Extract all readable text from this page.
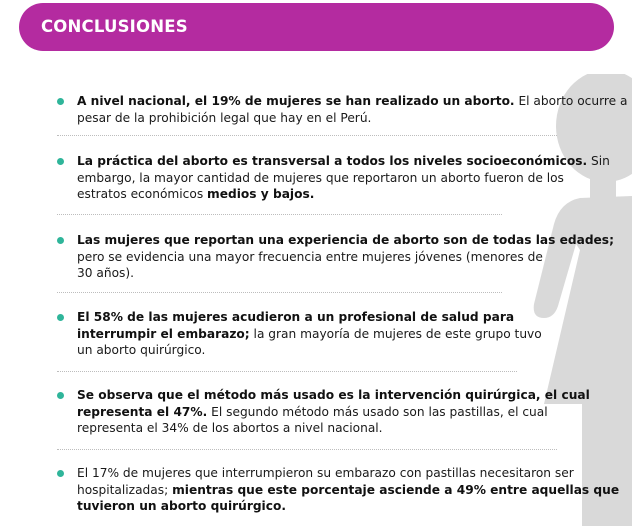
CONCLUSIONES
A nivel nacional, el 19% de mujeres se han realizado un aborto. El aborto ocurre a
pesar de la prohibición legal que hay en el Perú.
La práctica del aborto es transversal a todos los niveles socioeconómicos. Sin
embargo, la mayor cantidad de mujeres que reportaron un aborto fueron de los
estratos económicos medios y bajos.
Las mujeres que reportan una experiencia de aborto son de todas las edades;
pero se evidencia una mayor frecuencia entre mujeres jóvenes (menores de
30 años).
El 58% de las mujeres acudieron a un profesional de salud para
interrumpir el embarazo; la gran mayoría de mujeres de este grupo tuvo
un aborto quirúrgico.
Se observa que el método más usado es la intervención quirúrgica, el cual
representa el 47%. El segundo método más usado son las pastillas, el cual
representa el 34% de los abortos a nivel nacional.
El 17% de mujeres que interrumpieron su embarazo con pastillas necesitaron ser
hospitalizadas; mientras que este porcentaje asciende a 49% entre aquellas que
tuvieron un aborto quirúrgico.
